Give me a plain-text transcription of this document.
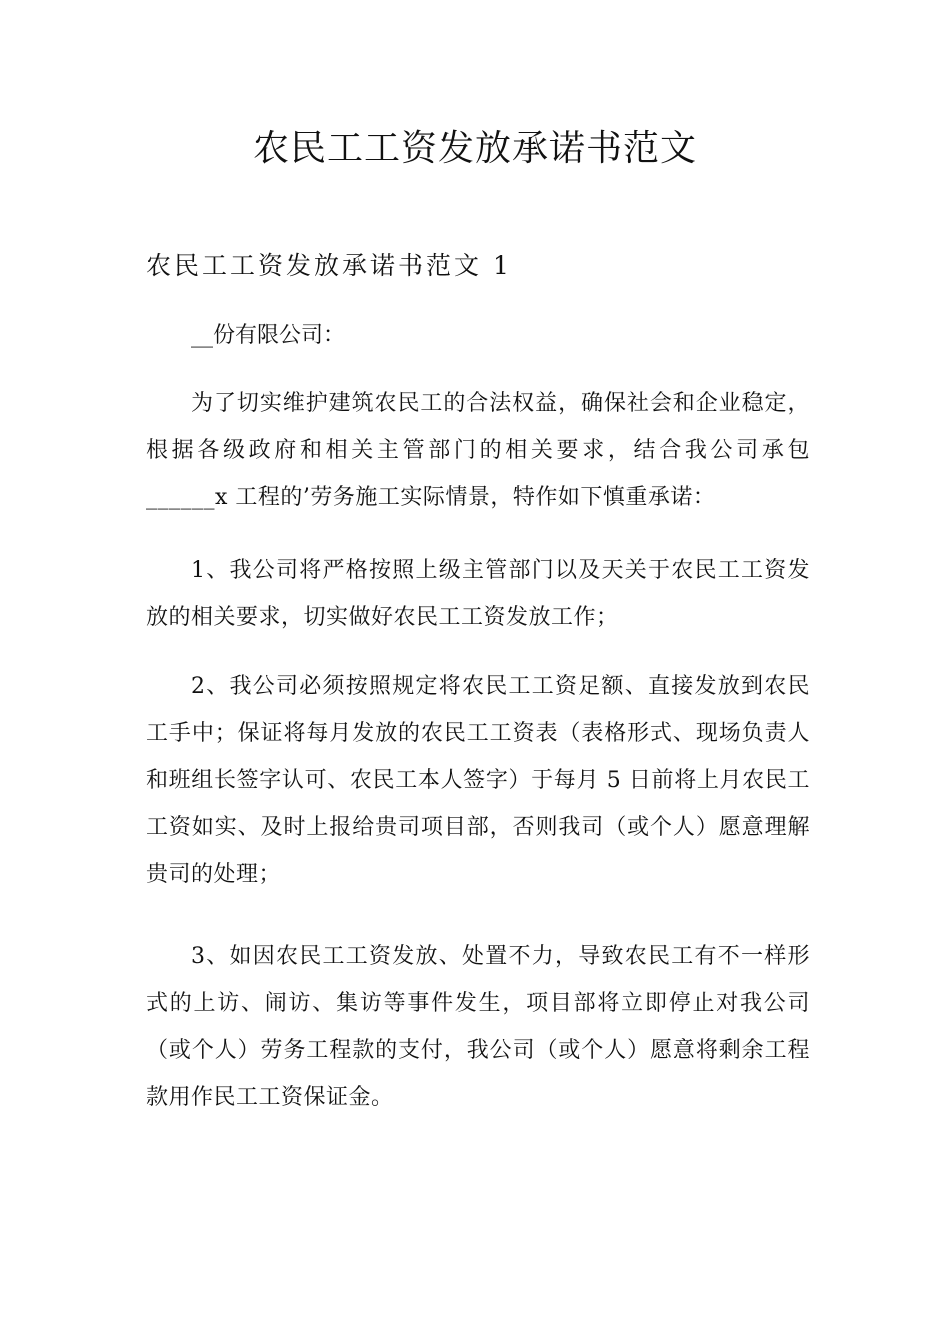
农民工工资发放承诺书范文
农民工工资发放承诺书范文 1
__份有限公司：

为了切实维护建筑农民工的合法权益，确保社会和企业稳定，根据各级政府和相关主管部门的相关要求，结合我公司承包______x 工程的’劳务施工实际情景，特作如下慎重承诺：

1、我公司将严格按照上级主管部门以及天关于农民工工资发放的相关要求，切实做好农民工工资发放工作；

2、我公司必须按照规定将农民工工资足额、直接发放到农民工手中；保证将每月发放的农民工工资表（表格形式、现场负责人和班组长签字认可、农民工本人签字）于每月 5 日前将上月农民工工资如实、及时上报给贵司项目部，否则我司（或个人）愿意理解贵司的处理；

3、如因农民工工资发放、处置不力，导致农民工有不一样形式的上访、闹访、集访等事件发生，项目部将立即停止对我公司（或个人）劳务工程款的支付，我公司（或个人）愿意将剩余工程款用作民工工资保证金。
